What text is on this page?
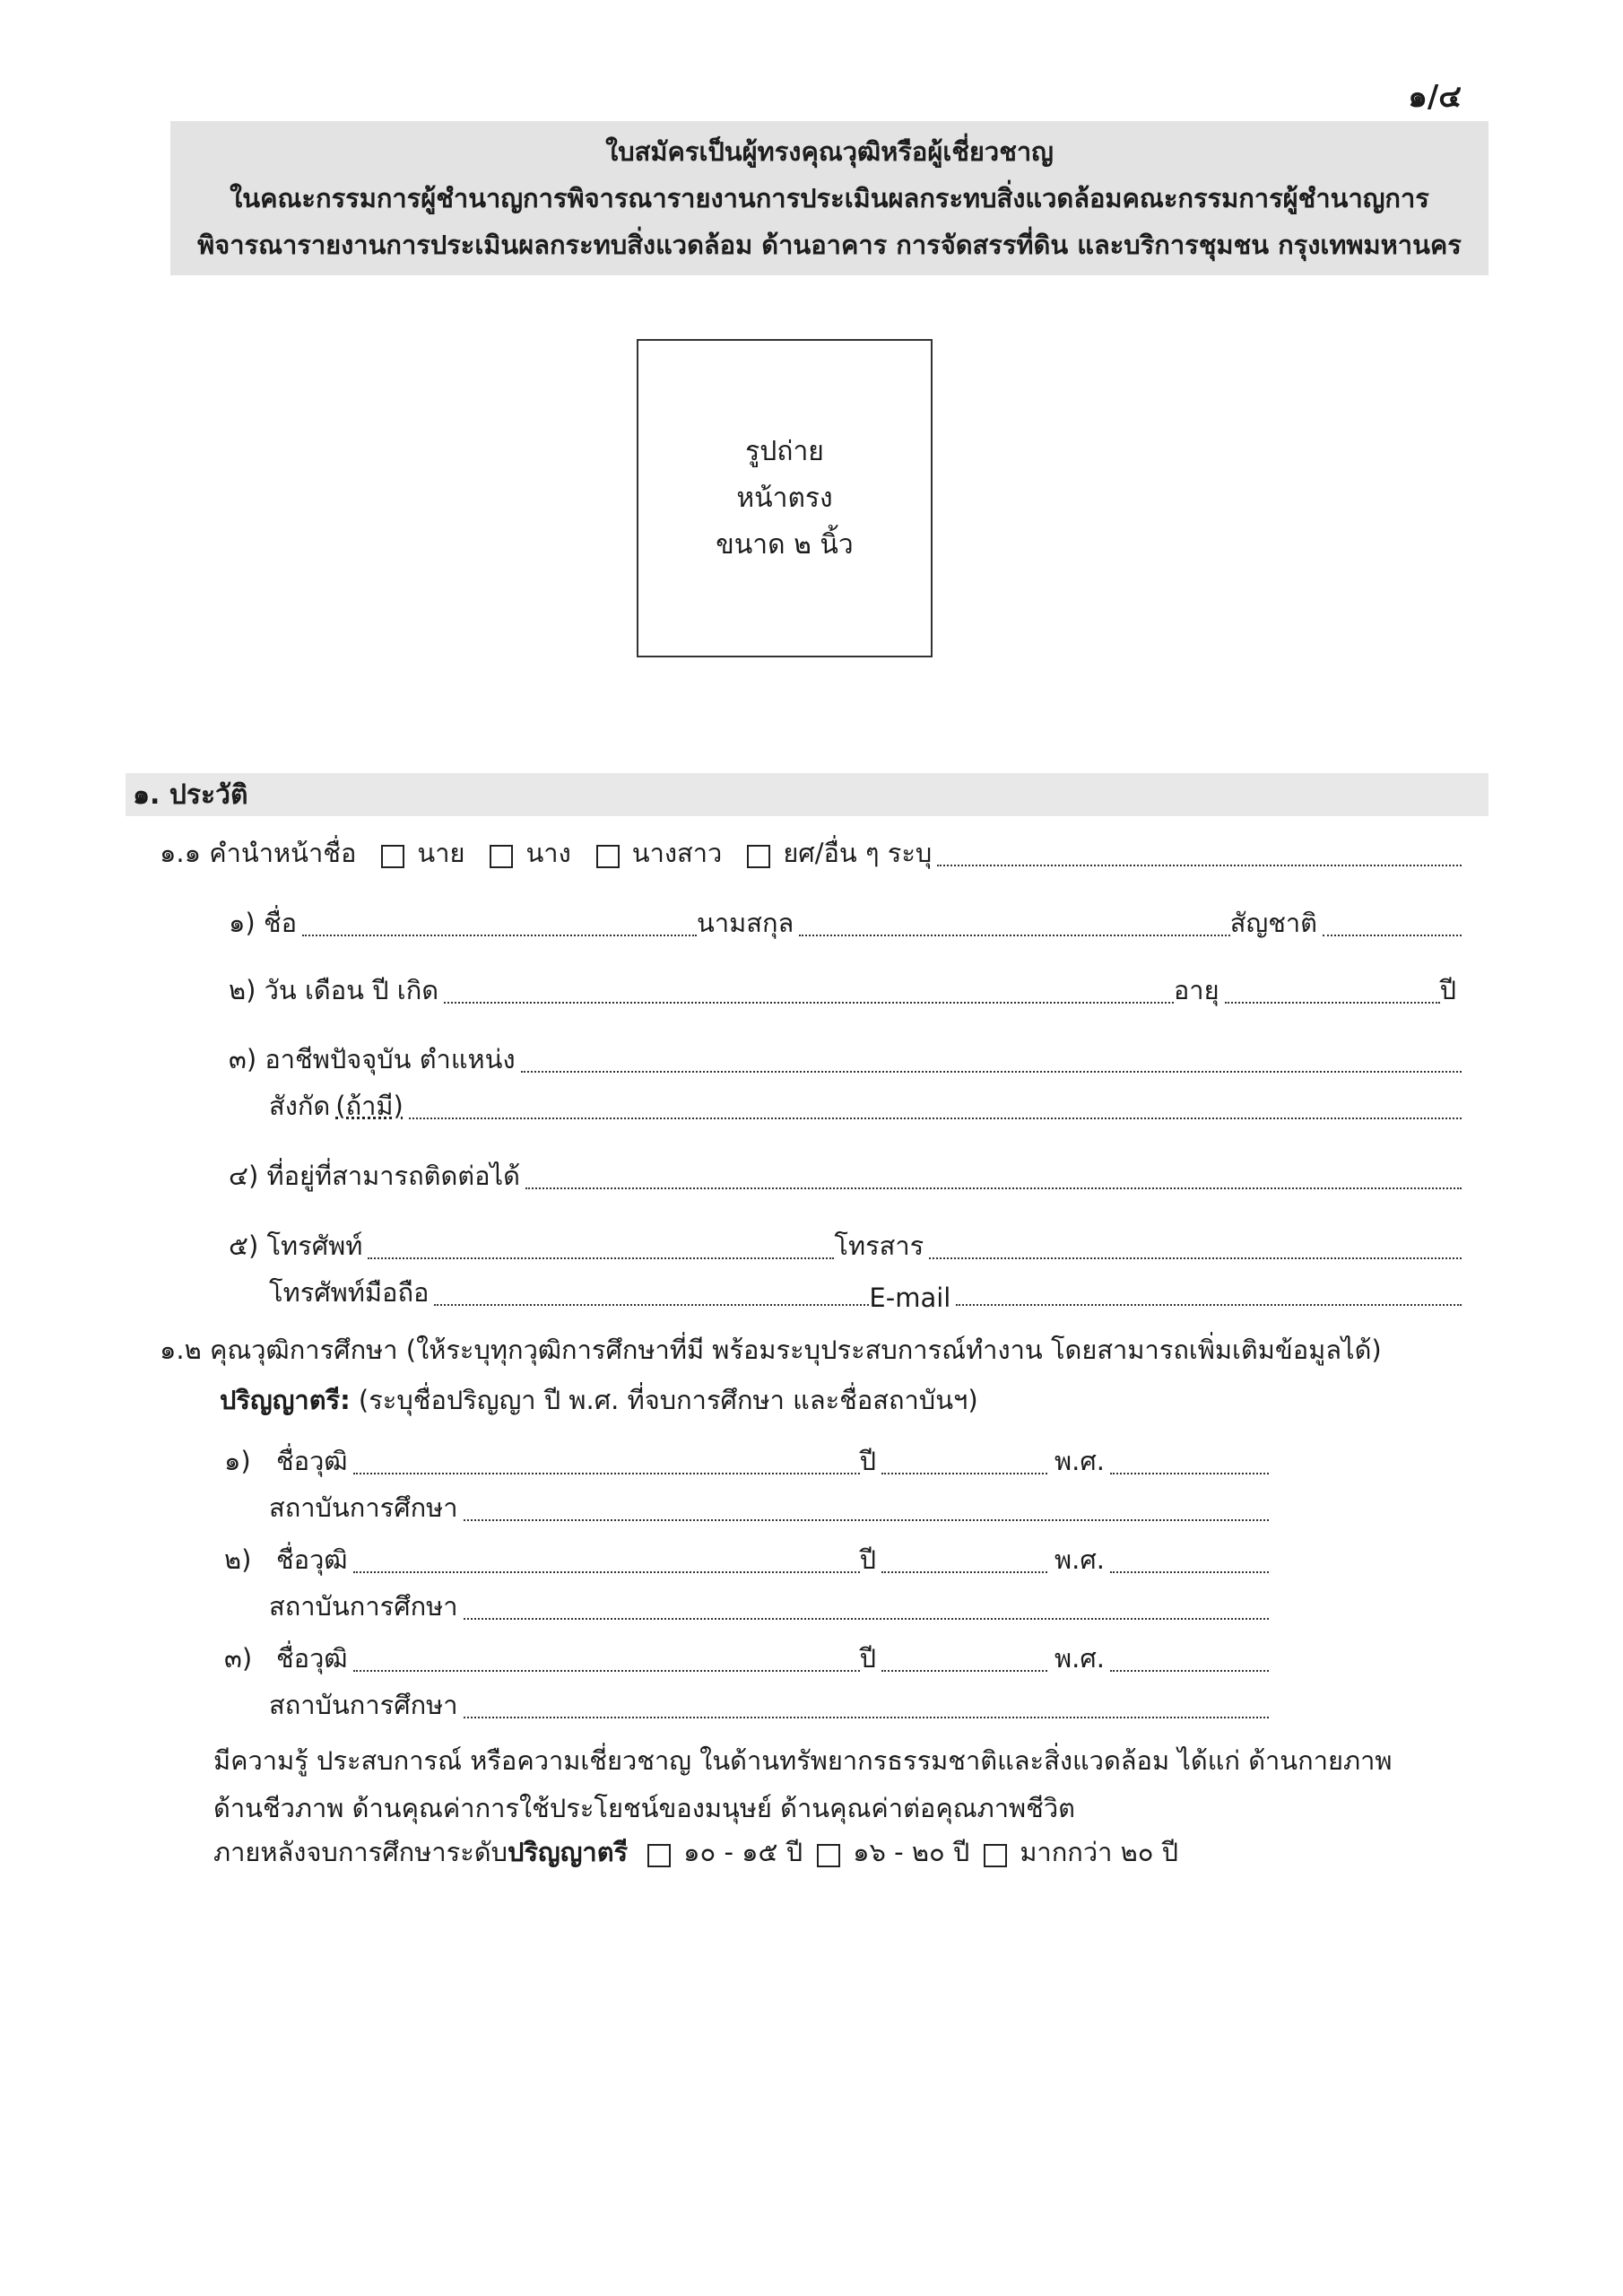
๑/๔
ใบสมัครเป็นผู้ทรงคุณวุฒิหรือผู้เชี่ยวชาญ
ในคณะกรรมการผู้ชำนาญการพิจารณารายงานการประเมินผลกระทบสิ่งแวดล้อมคณะกรรมการผู้ชำนาญการ
พิจารณารายงานการประเมินผลกระทบสิ่งแวดล้อม ด้านอาคาร การจัดสรรที่ดิน และบริการชุมชน กรุงเทพมหานคร
รูปถ่าย
หน้าตรง
ขนาด ๒ นิ้ว
๑. ประวัติ
๑.๑ คำนำหน้าชื่อ นาย นาง นางสาว ยศ/อื่น ๆ ระบุ
๑) ชื่อ	นามสกุล	สัญชาติ
๒) วัน เดือน ปี เกิด	อายุ	ปี
๓) อาชีพปัจจุบัน ตำแหน่ง
สังกัด (ถ้ามี)
๔) ที่อยู่ที่สามารถติดต่อได้
๕) โทรศัพท์	โทรสาร
โทรศัพท์มือถือ	E-mail
๑.๒ คุณวุฒิการศึกษา (ให้ระบุทุกวุฒิการศึกษาที่มี พร้อมระบุประสบการณ์ทำงาน โดยสามารถเพิ่มเติมข้อมูลได้)
ปริญญาตรี: (ระบุชื่อปริญญา ปี พ.ศ. ที่จบการศึกษา และชื่อสถาบันฯ)
๑) ชื่อวุฒิ	ปี	พ.ศ.
สถาบันการศึกษา
๒) ชื่อวุฒิ	ปี	พ.ศ.
สถาบันการศึกษา
๓) ชื่อวุฒิ	ปี	พ.ศ.
สถาบันการศึกษา
มีความรู้ ประสบการณ์ หรือความเชี่ยวชาญ ในด้านทรัพยากรธรรมชาติและสิ่งแวดล้อม ได้แก่ ด้านกายภาพ
ด้านชีวภาพ ด้านคุณค่าการใช้ประโยชน์ของมนุษย์ ด้านคุณค่าต่อคุณภาพชีวิต
ภายหลังจบการศึกษาระดับ ปริญญาตรี ๑๐ - ๑๕ ปี ๑๖ - ๒๐ ปี มากกว่า ๒๐ ปี
